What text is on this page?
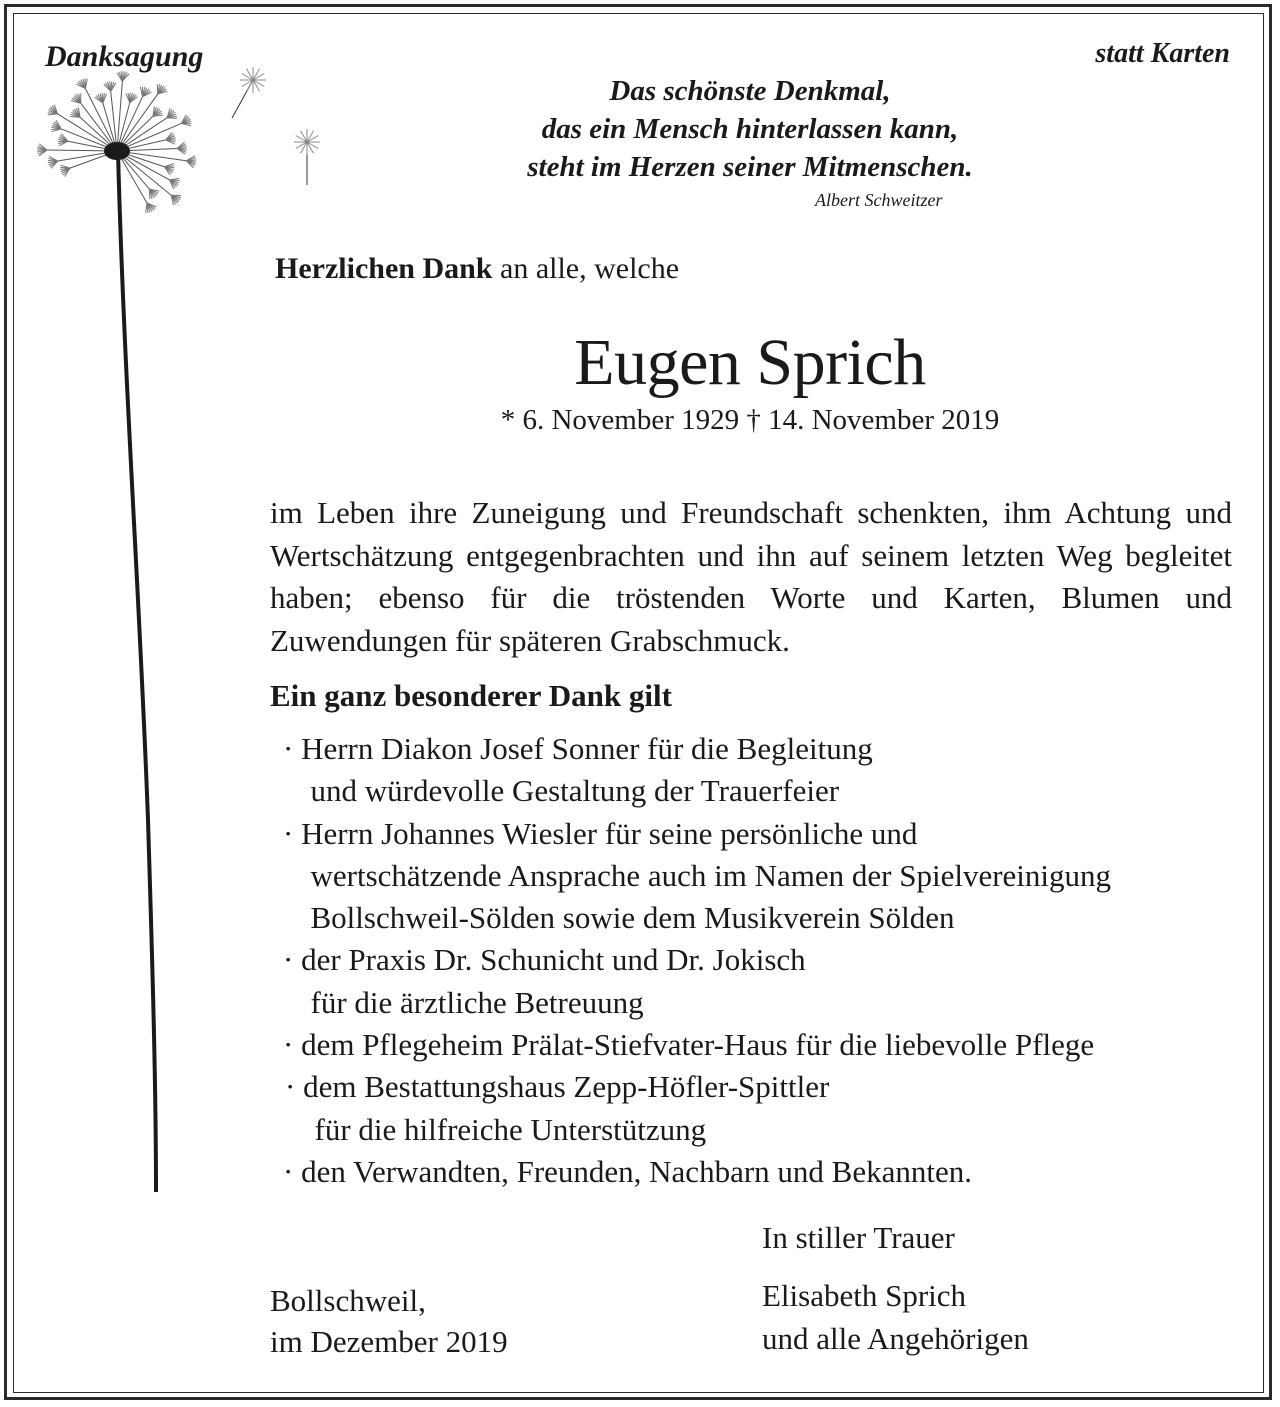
Danksagung	statt Karten
Das schönste Denkmal,
das ein Mensch hinterlassen kann,
steht im Herzen seiner Mitmenschen.
Albert Schweitzer
Herzlichen Dank an alle, welche
Eugen Sprich
* 6. November 1929 † 14. November 2019
im Leben ihre Zuneigung und Freundschaft schenkten, ihm Achtung und Wertschätzung entgegenbrachten und ihn auf seinem letzten Weg begleitet haben; ebenso für die tröstenden Worte und Karten, Blumen und Zuwendungen für späteren Grabschmuck.
Ein ganz besonderer Dank gilt
· Herrn Diakon Josef Sonner für die Begleitung
und würdevolle Gestaltung der Trauerfeier
· Herrn Johannes Wiesler für seine persönliche und
wertschätzende Ansprache auch im Namen der Spielvereinigung
Bollschweil-Sölden sowie dem Musikverein Sölden
· der Praxis Dr. Schunicht und Dr. Jokisch
für die ärztliche Betreuung
· dem Pflegeheim Prälat-Stiefvater-Haus für die liebevolle Pflege
· dem Bestattungshaus Zepp-Höfler-Spittler
für die hilfreiche Unterstützung
· den Verwandten, Freunden, Nachbarn und Bekannten.
In stiller Trauer
Elisabeth Sprich
und alle Angehörigen
Bollschweil,
im Dezember 2019
